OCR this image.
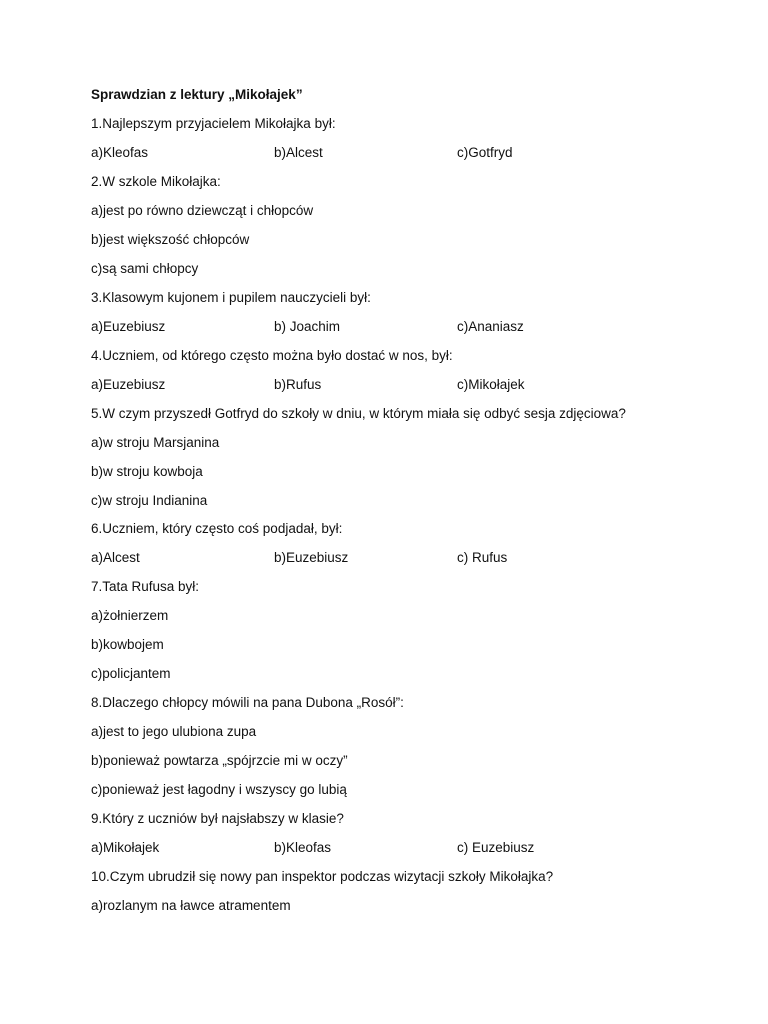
Sprawdzian z lektury „Mikołajek”
1.Najlepszym przyjacielem Mikołajka był:
a)Kleofas	b)Alcest	c)Gotfryd
2.W szkole Mikołajka:
a)jest po równo dziewcząt i chłopców
b)jest większość chłopców
c)są sami chłopcy
3.Klasowym kujonem i pupilem nauczycieli był:
a)Euzebiusz	b) Joachim	c)Ananiasz
4.Uczniem, od którego często można było dostać w nos, był:
a)Euzebiusz	b)Rufus	c)Mikołajek
5.W czym przyszedł Gotfryd do szkoły w dniu, w którym miała się odbyć sesja zdjęciowa?
a)w stroju Marsjanina
b)w stroju kowboja
c)w stroju Indianina
6.Uczniem, który często coś podjadał, był:
a)Alcest	b)Euzebiusz	c) Rufus
7.Tata Rufusa był:
a)żołnierzem
b)kowbojem
c)policjantem
8.Dlaczego chłopcy mówili na pana Dubona „Rosół”:
a)jest to jego ulubiona zupa
b)ponieważ powtarza „spójrzcie mi w oczy”
c)ponieważ jest łagodny i wszyscy go lubią
9.Który z uczniów był najsłabszy w klasie?
a)Mikołajek	b)Kleofas	c) Euzebiusz
10.Czym ubrudził się nowy pan inspektor podczas wizytacji szkoły Mikołajka?
a)rozlanym na ławce atramentem
